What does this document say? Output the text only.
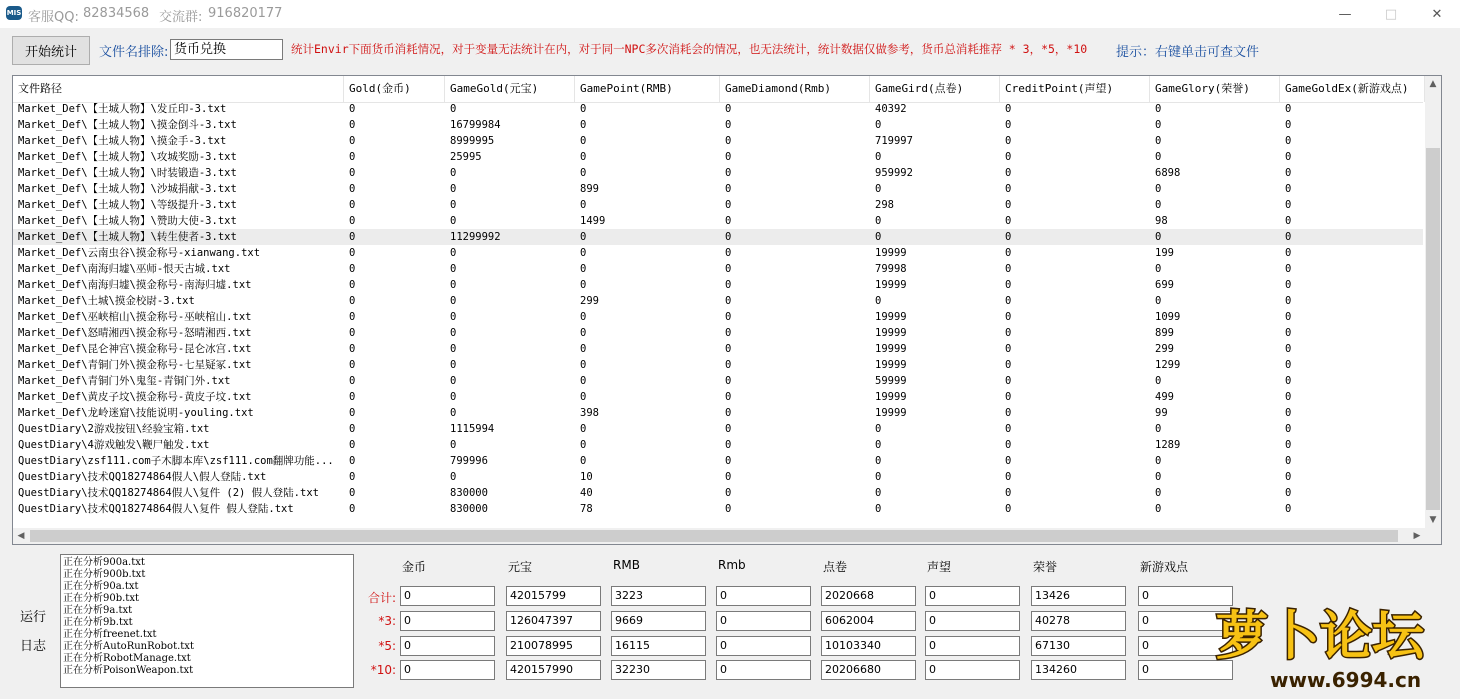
MIS 客服QQ: 82834568 交流群: 916820177	—	□	✕
开始统计	文件名排除: 货币兑换	统计Envir下面货币消耗情况，对于变量无法统计在内，对于同一NPC多次消耗会的情况，也无法统计，统计数据仅做参考，货币总消耗推荐 * 3，*5，*10 提示：右键单击可查文件
文件路径	Gold(金币)	GameGold(元宝)	GamePoint(RMB)	GameDiamond(Rmb)	GameGird(点卷)	CreditPoint(声望)	GameGlory(荣誉)	GameGoldEx(新游戏点)
Market_Def\【土城人物】\发丘印-3.txt	0	0	0	0	40392	0	0	0
Market_Def\【土城人物】\摸金倒斗-3.txt	0	16799984	0	0	0	0	0	0
Market_Def\【土城人物】\摸金手-3.txt	0	8999995	0	0	719997	0	0	0
Market_Def\【土城人物】\攻城奖励-3.txt	0	25995	0	0	0	0	0	0
Market_Def\【土城人物】\时装锻造-3.txt	0	0	0	0	959992	0	6898	0
Market_Def\【土城人物】\沙城捐献-3.txt	0	0	899	0	0	0	0	0
Market_Def\【土城人物】\等级提升-3.txt	0	0	0	0	298	0	0	0
Market_Def\【土城人物】\赞助大使-3.txt	0	0	1499	0	0	0	98	0
Market_Def\【土城人物】\转生使者-3.txt	0	11299992	0	0	0	0	0	0
Market_Def\云南虫谷\摸金称号-xianwang.txt	0	0	0	0	19999	0	199	0
Market_Def\南海归墟\巫师-恨天古城.txt	0	0	0	0	79998	0	0	0
Market_Def\南海归墟\摸金称号-南海归墟.txt	0	0	0	0	19999	0	699	0
Market_Def\土城\摸金校尉-3.txt	0	0	299	0	0	0	0	0
Market_Def\巫峡棺山\摸金称号-巫峡棺山.txt	0	0	0	0	19999	0	1099	0
Market_Def\怒晴湘西\摸金称号-怒晴湘西.txt	0	0	0	0	19999	0	899	0
Market_Def\昆仑神宫\摸金称号-昆仑冰宫.txt	0	0	0	0	19999	0	299	0
Market_Def\青铜门外\摸金称号-七星疑冢.txt	0	0	0	0	19999	0	1299	0
Market_Def\青铜门外\鬼玺-青铜门外.txt	0	0	0	0	59999	0	0	0
Market_Def\黄皮子坟\摸金称号-黄皮子坟.txt	0	0	0	0	19999	0	499	0
Market_Def\龙岭迷窟\技能说明-youling.txt	0	0	398	0	19999	0	99	0
QuestDiary\2游戏按钮\经验宝箱.txt	0	1115994	0	0	0	0	0	0
QuestDiary\4游戏触发\鞭尸触发.txt	0	0	0	0	0	0	1289	0
QuestDiary\zsf111.com子木脚本库\zsf111.com翻牌功能...	0	799996	0	0	0	0	0	0
QuestDiary\技术QQ18274864假人\假人登陆.txt	0	0	10	0	0	0	0	0
QuestDiary\技术QQ18274864假人\复件 (2) 假人登陆.txt	0	830000	40	0	0	0	0	0
QuestDiary\技术QQ18274864假人\复件 假人登陆.txt	0	830000	78	0	0	0	0	0
▲
▼
◀	▶
运行
日志
正在分析900a.txt
正在分析900b.txt
正在分析90a.txt
正在分析90b.txt
正在分析9a.txt
正在分析9b.txt
正在分析freenet.txt
正在分析AutoRunRobot.txt
正在分析RobotManage.txt
正在分析PoisonWeapon.txt
金币	元宝	RMB	Rmb	点卷	声望	荣誉	新游戏点
合计: 0	42015799	3223	0	2020668	0	13426	0
*3: 0	126047397	9669	0	6062004	0	40278	0
*5: 0	210078995	16115	0	10103340	0	67130	0
*10: 0	420157990	32230	0	20206680	0	134260	0
萝卜论坛
www.6994.cn
